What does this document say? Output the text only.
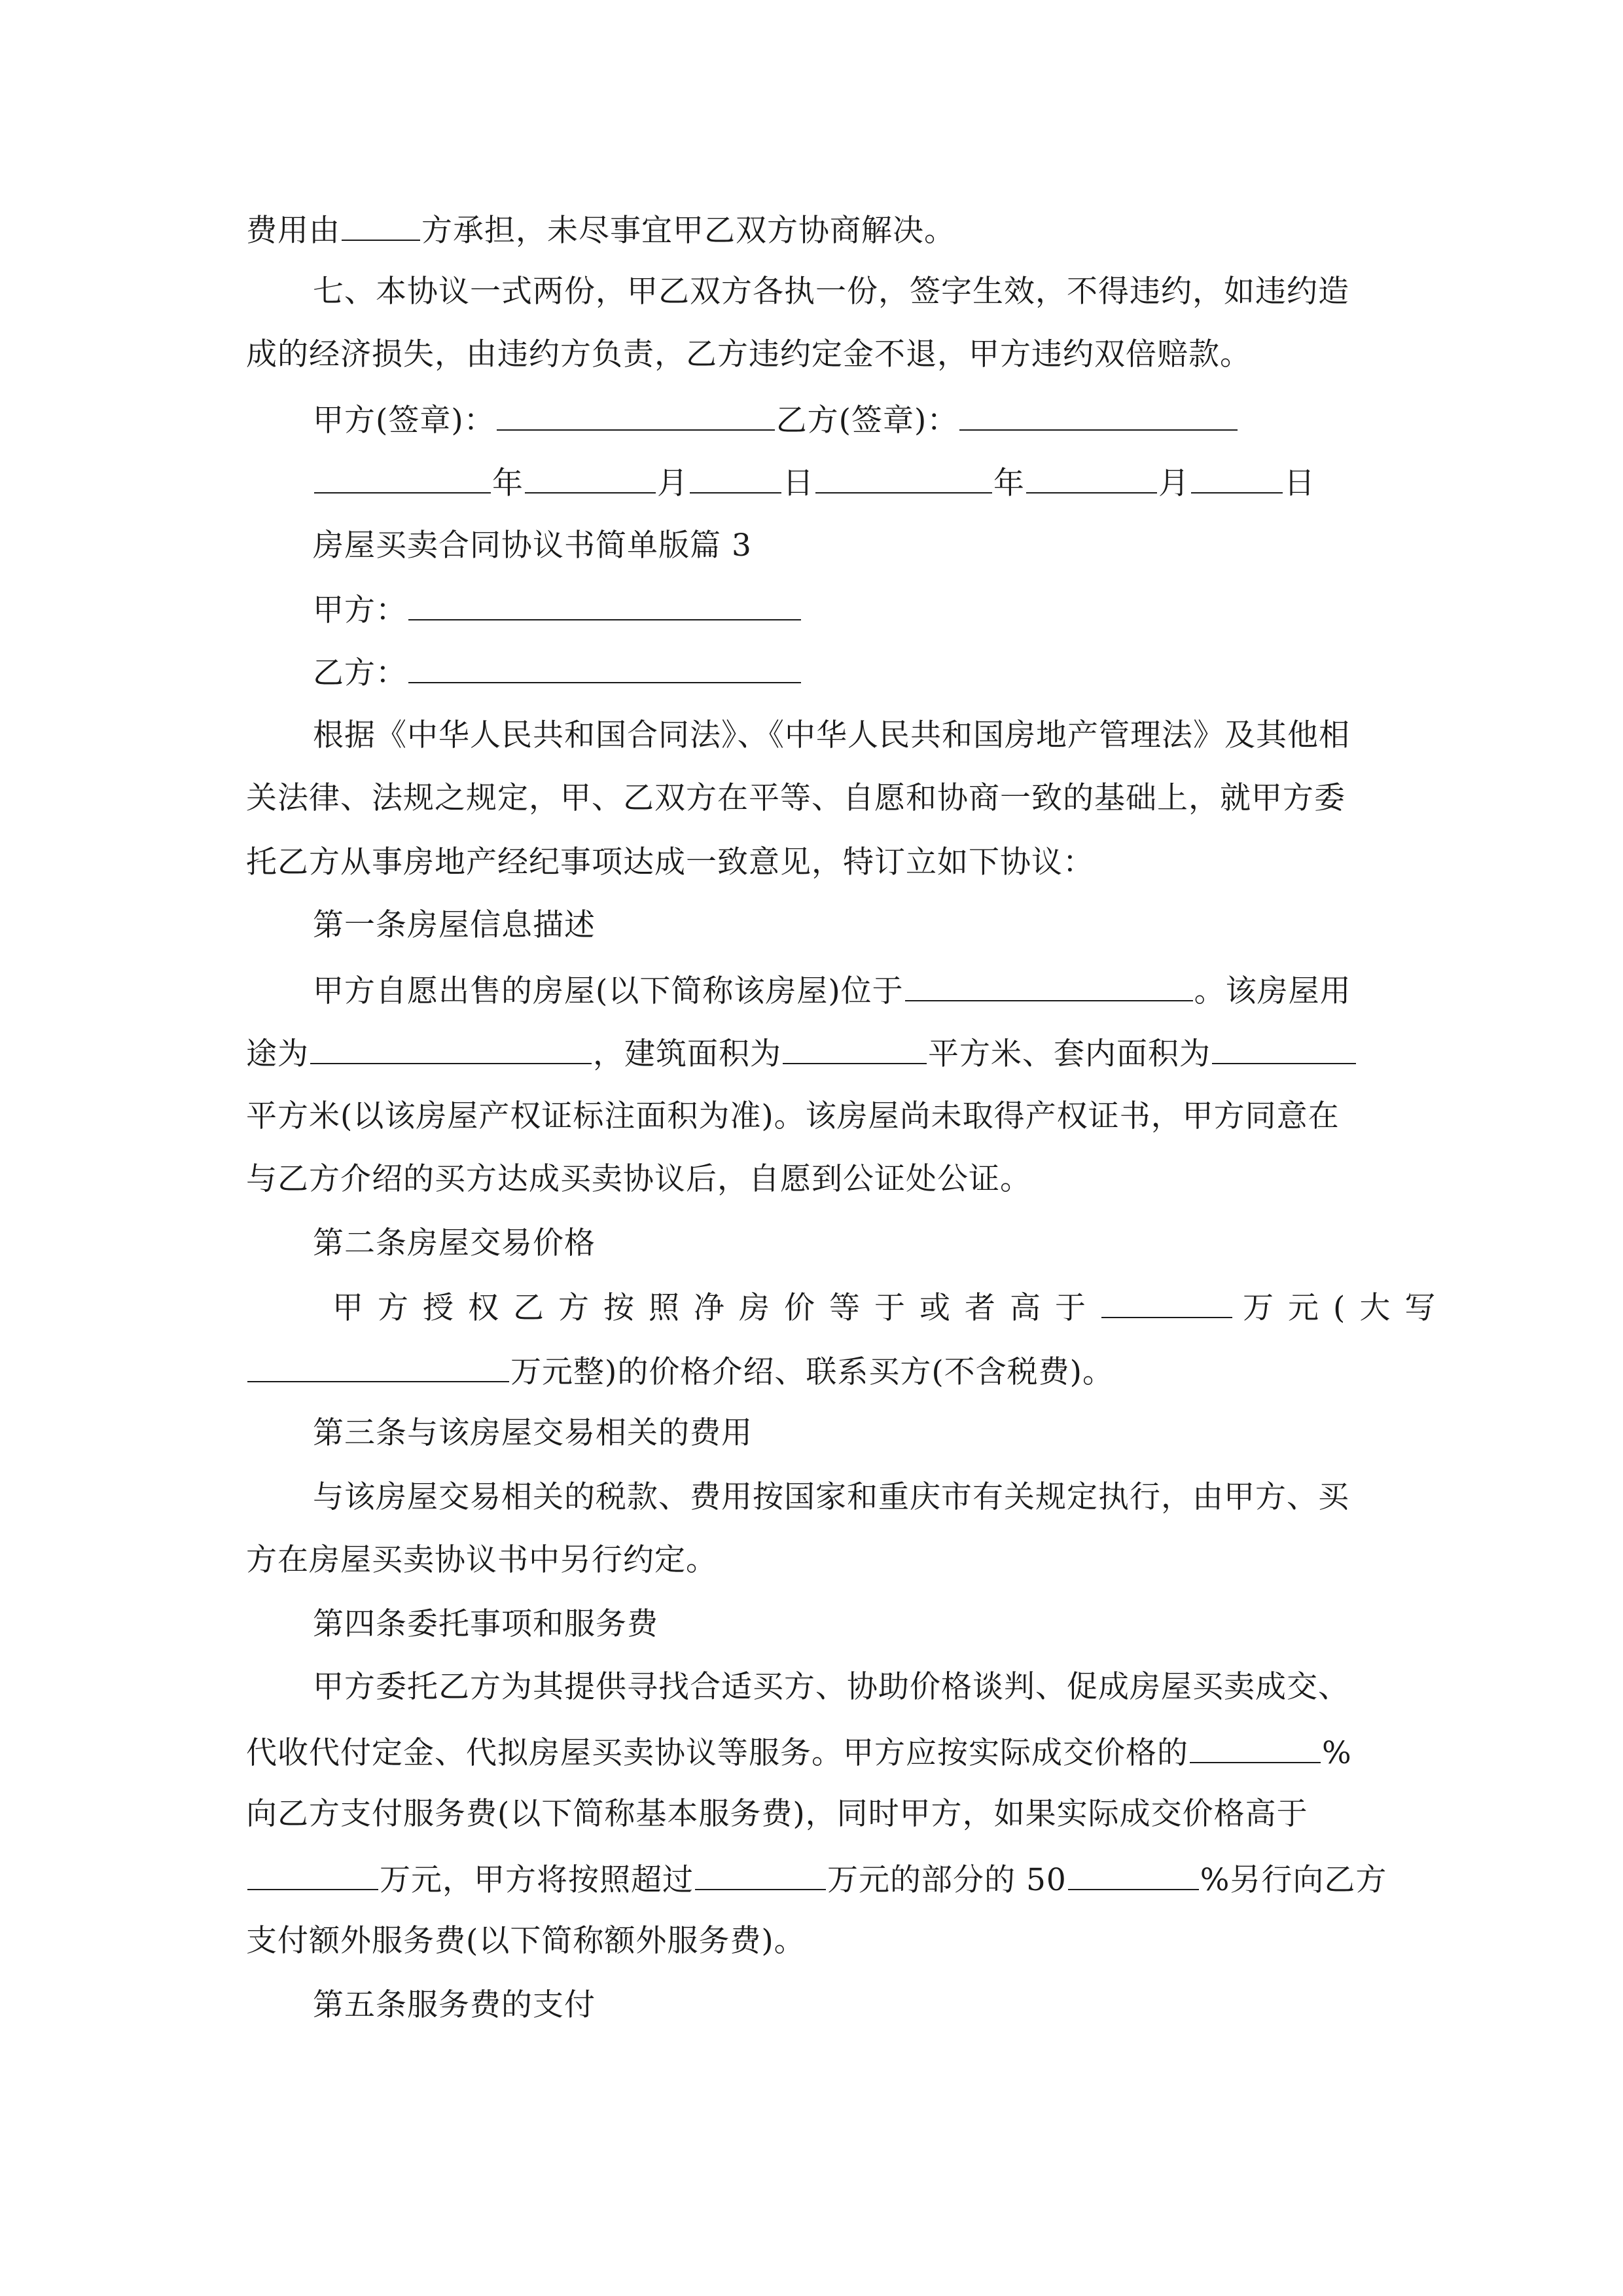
费用由	方承担，未尽事宜甲乙双方协商解决。
七、本协议一式两份，甲乙双方各执一份，签字生效，不得违约，如违约造
成的经济损失，由违约方负责，乙方违约定金不退，甲方违约双倍赔款。
甲方(签章)：	乙方(签章)：
年	月	日	年	月	日
房屋买卖合同协议书简单版篇 3
甲方：
乙方：
根据《中华人民共和国合同法》、《中华人民共和国房地产管理法》及其他相
关法律、法规之规定，甲、乙双方在平等、自愿和协商一致的基础上，就甲方委
托乙方从事房地产经纪事项达成一致意见，特订立如下协议：
第一条房屋信息描述
甲方自愿出售的房屋(以下简称该房屋)位于	。该房屋用
途为	，建筑面积为	平方米、套内面积为
平方米(以该房屋产权证标注面积为准)。该房屋尚未取得产权证书，甲方同意在
与乙方介绍的买方达成买卖协议后，自愿到公证处公证。
第二条房屋交易价格
甲方授权乙方按照净房价等于或者高于	万元(大写
万元整)的价格介绍、联系买方(不含税费)。
第三条与该房屋交易相关的费用
与该房屋交易相关的税款、费用按国家和重庆市有关规定执行，由甲方、买
方在房屋买卖协议书中另行约定。
第四条委托事项和服务费
甲方委托乙方为其提供寻找合适买方、协助价格谈判、促成房屋买卖成交、
代收代付定金、代拟房屋买卖协议等服务。甲方应按实际成交价格的	%
向乙方支付服务费(以下简称基本服务费)，同时甲方，如果实际成交价格高于
万元，甲方将按照超过	万元的部分的 50	%另行向乙方
支付额外服务费(以下简称额外服务费)。
第五条服务费的支付
